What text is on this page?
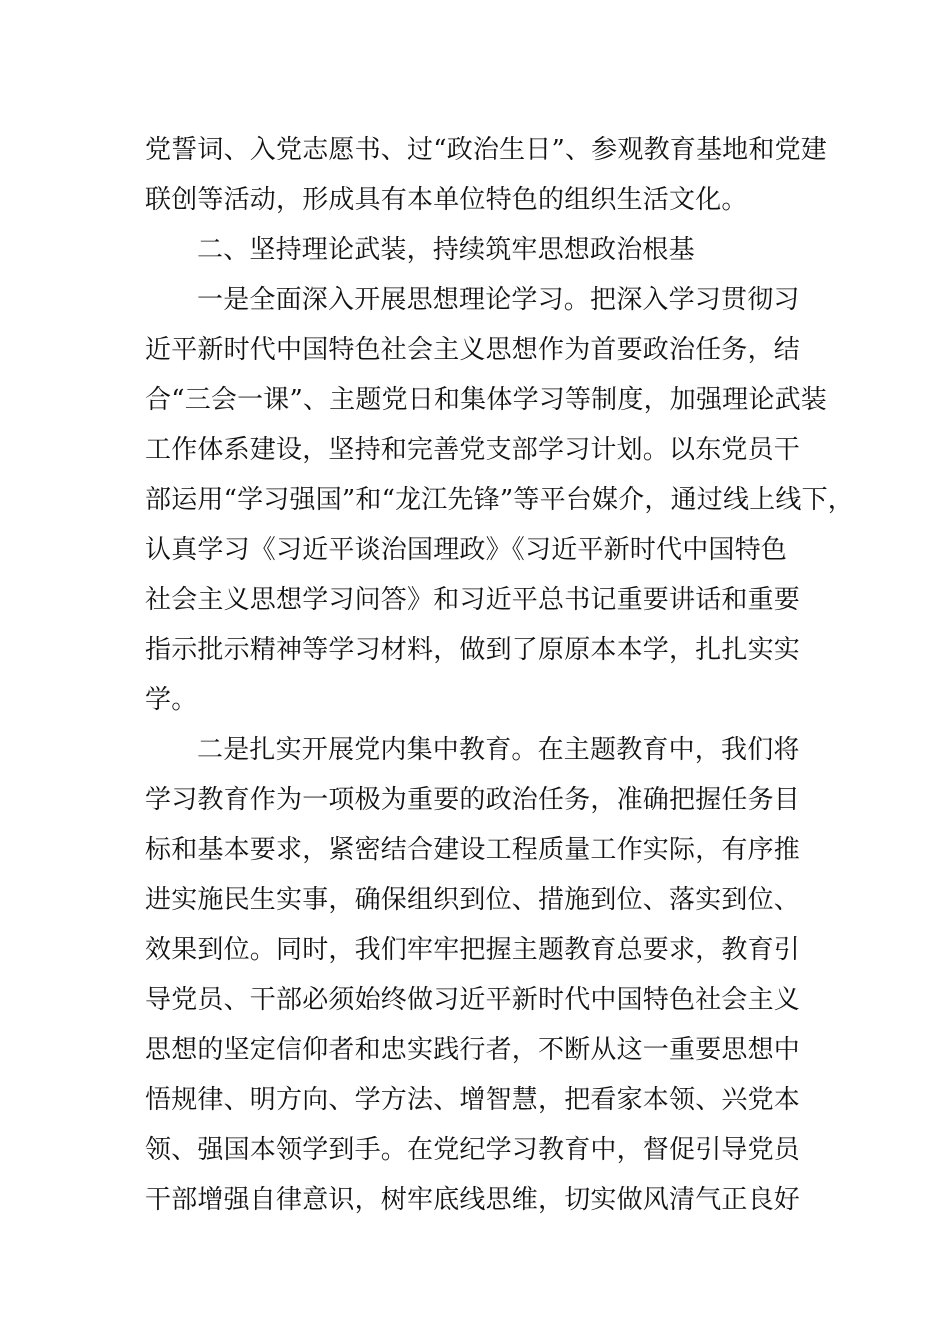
党誓词、入党志愿书、过“政治生日”、参观教育基地和党建
联创等活动，形成具有本单位特色的组织生活文化。
二、坚持理论武装，持续筑牢思想政治根基
一是全面深入开展思想理论学习。把深入学习贯彻习
近平新时代中国特色社会主义思想作为首要政治任务，结
合“三会一课”、主题党日和集体学习等制度，加强理论武装
工作体系建设，坚持和完善党支部学习计划。以东党员干
部运用“学习强国”和“龙江先锋”等平台媒介，通过线上线下，
认真学习《习近平谈治国理政》《习近平新时代中国特色
社会主义思想学习问答》和习近平总书记重要讲话和重要
指示批示精神等学习材料，做到了原原本本学，扎扎实实
学。
二是扎实开展党内集中教育。在主题教育中，我们将
学习教育作为一项极为重要的政治任务，准确把握任务目
标和基本要求，紧密结合建设工程质量工作实际，有序推
进实施民生实事，确保组织到位、措施到位、落实到位、
效果到位。同时，我们牢牢把握主题教育总要求，教育引
导党员、干部必须始终做习近平新时代中国特色社会主义
思想的坚定信仰者和忠实践行者，不断从这一重要思想中
悟规律、明方向、学方法、增智慧，把看家本领、兴党本
领、强国本领学到手。在党纪学习教育中，督促引导党员
干部增强自律意识，树牢底线思维，切实做风清气正良好
